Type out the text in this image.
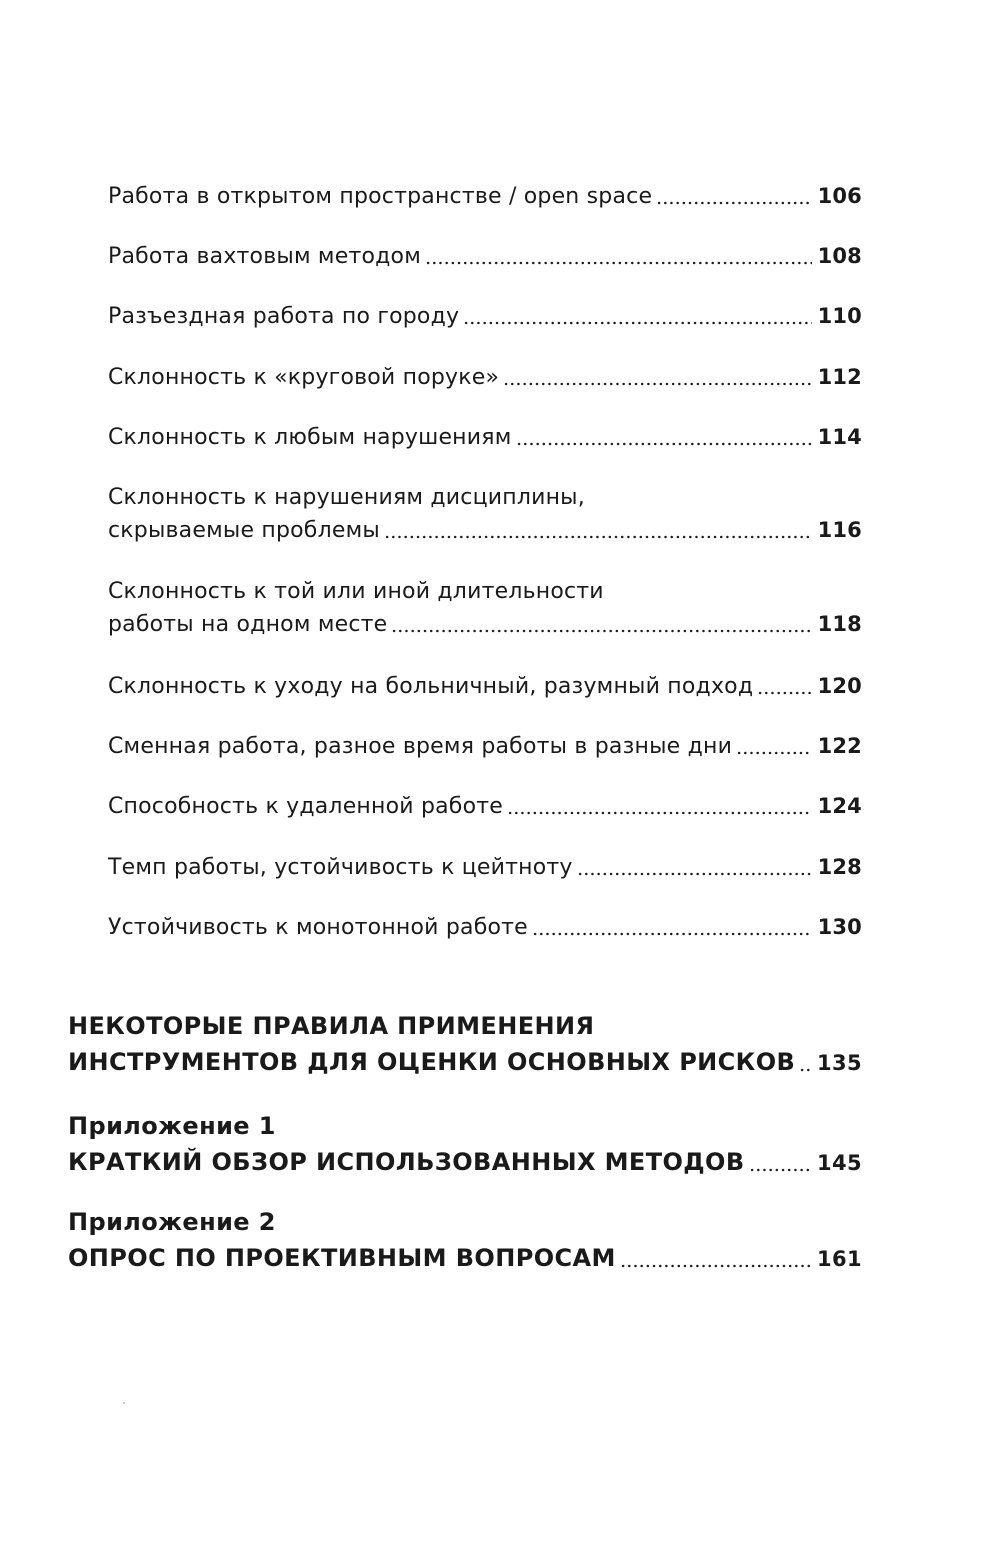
Работа в открытом пространстве / open space	106
Работа вахтовым методом	108
Разъездная работа по городу	110
Склонность к «круговой поруке»	112
Склонность к любым нарушениям	114
Склонность к нарушениям дисциплины,
скрываемые проблемы	116
Склонность к той или иной длительности
работы на одном месте	118
Склонность к уходу на больничный, разумный подход	120
Сменная работа, разное время работы в разные дни	122
Способность к удаленной работе	124
Темп работы, устойчивость к цейтноту	128
Устойчивость к монотонной работе	130
НЕКОТОРЫЕ ПРАВИЛА ПРИМЕНЕНИЯ
ИНСТРУМЕНТОВ ДЛЯ ОЦЕНКИ ОСНОВНЫХ РИСКОВ 135
Приложение 1
КРАТКИЙ ОБЗОР ИСПОЛЬЗОВАННЫХ МЕТОДОВ	145
Приложение 2
ОПРОС ПО ПРОЕКТИВНЫМ ВОПРОСАМ	161
